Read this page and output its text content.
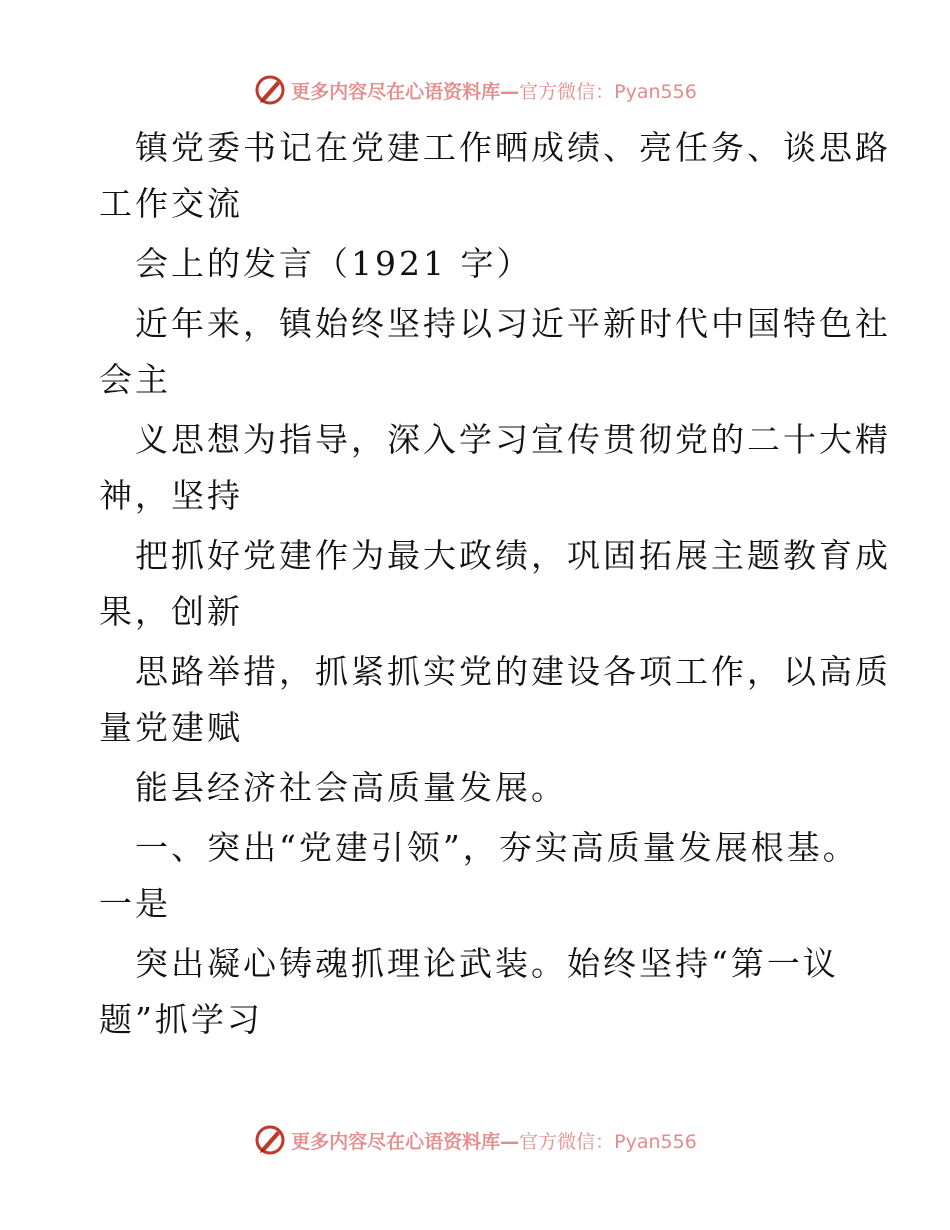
更多内容尽在心语资料库— 官方微信：Pyan556
镇党委书记在党建工作晒成绩、亮任务、谈思路
工作交流
会上的发言（1921 字）
近年来，镇始终坚持以习近平新时代中国特色社
会主
义思想为指导，深入学习宣传贯彻党的二十大精
神，坚持
把抓好党建作为最大政绩，巩固拓展主题教育成
果，创新
思路举措，抓紧抓实党的建设各项工作，以高质
量党建赋
能县经济社会高质量发展。
一、突出“党建引领”，夯实高质量发展根基。
一是
突出凝心铸魂抓理论武装。始终坚持“第一议
题”抓学习
更多内容尽在心语资料库— 官方微信：Pyan556
